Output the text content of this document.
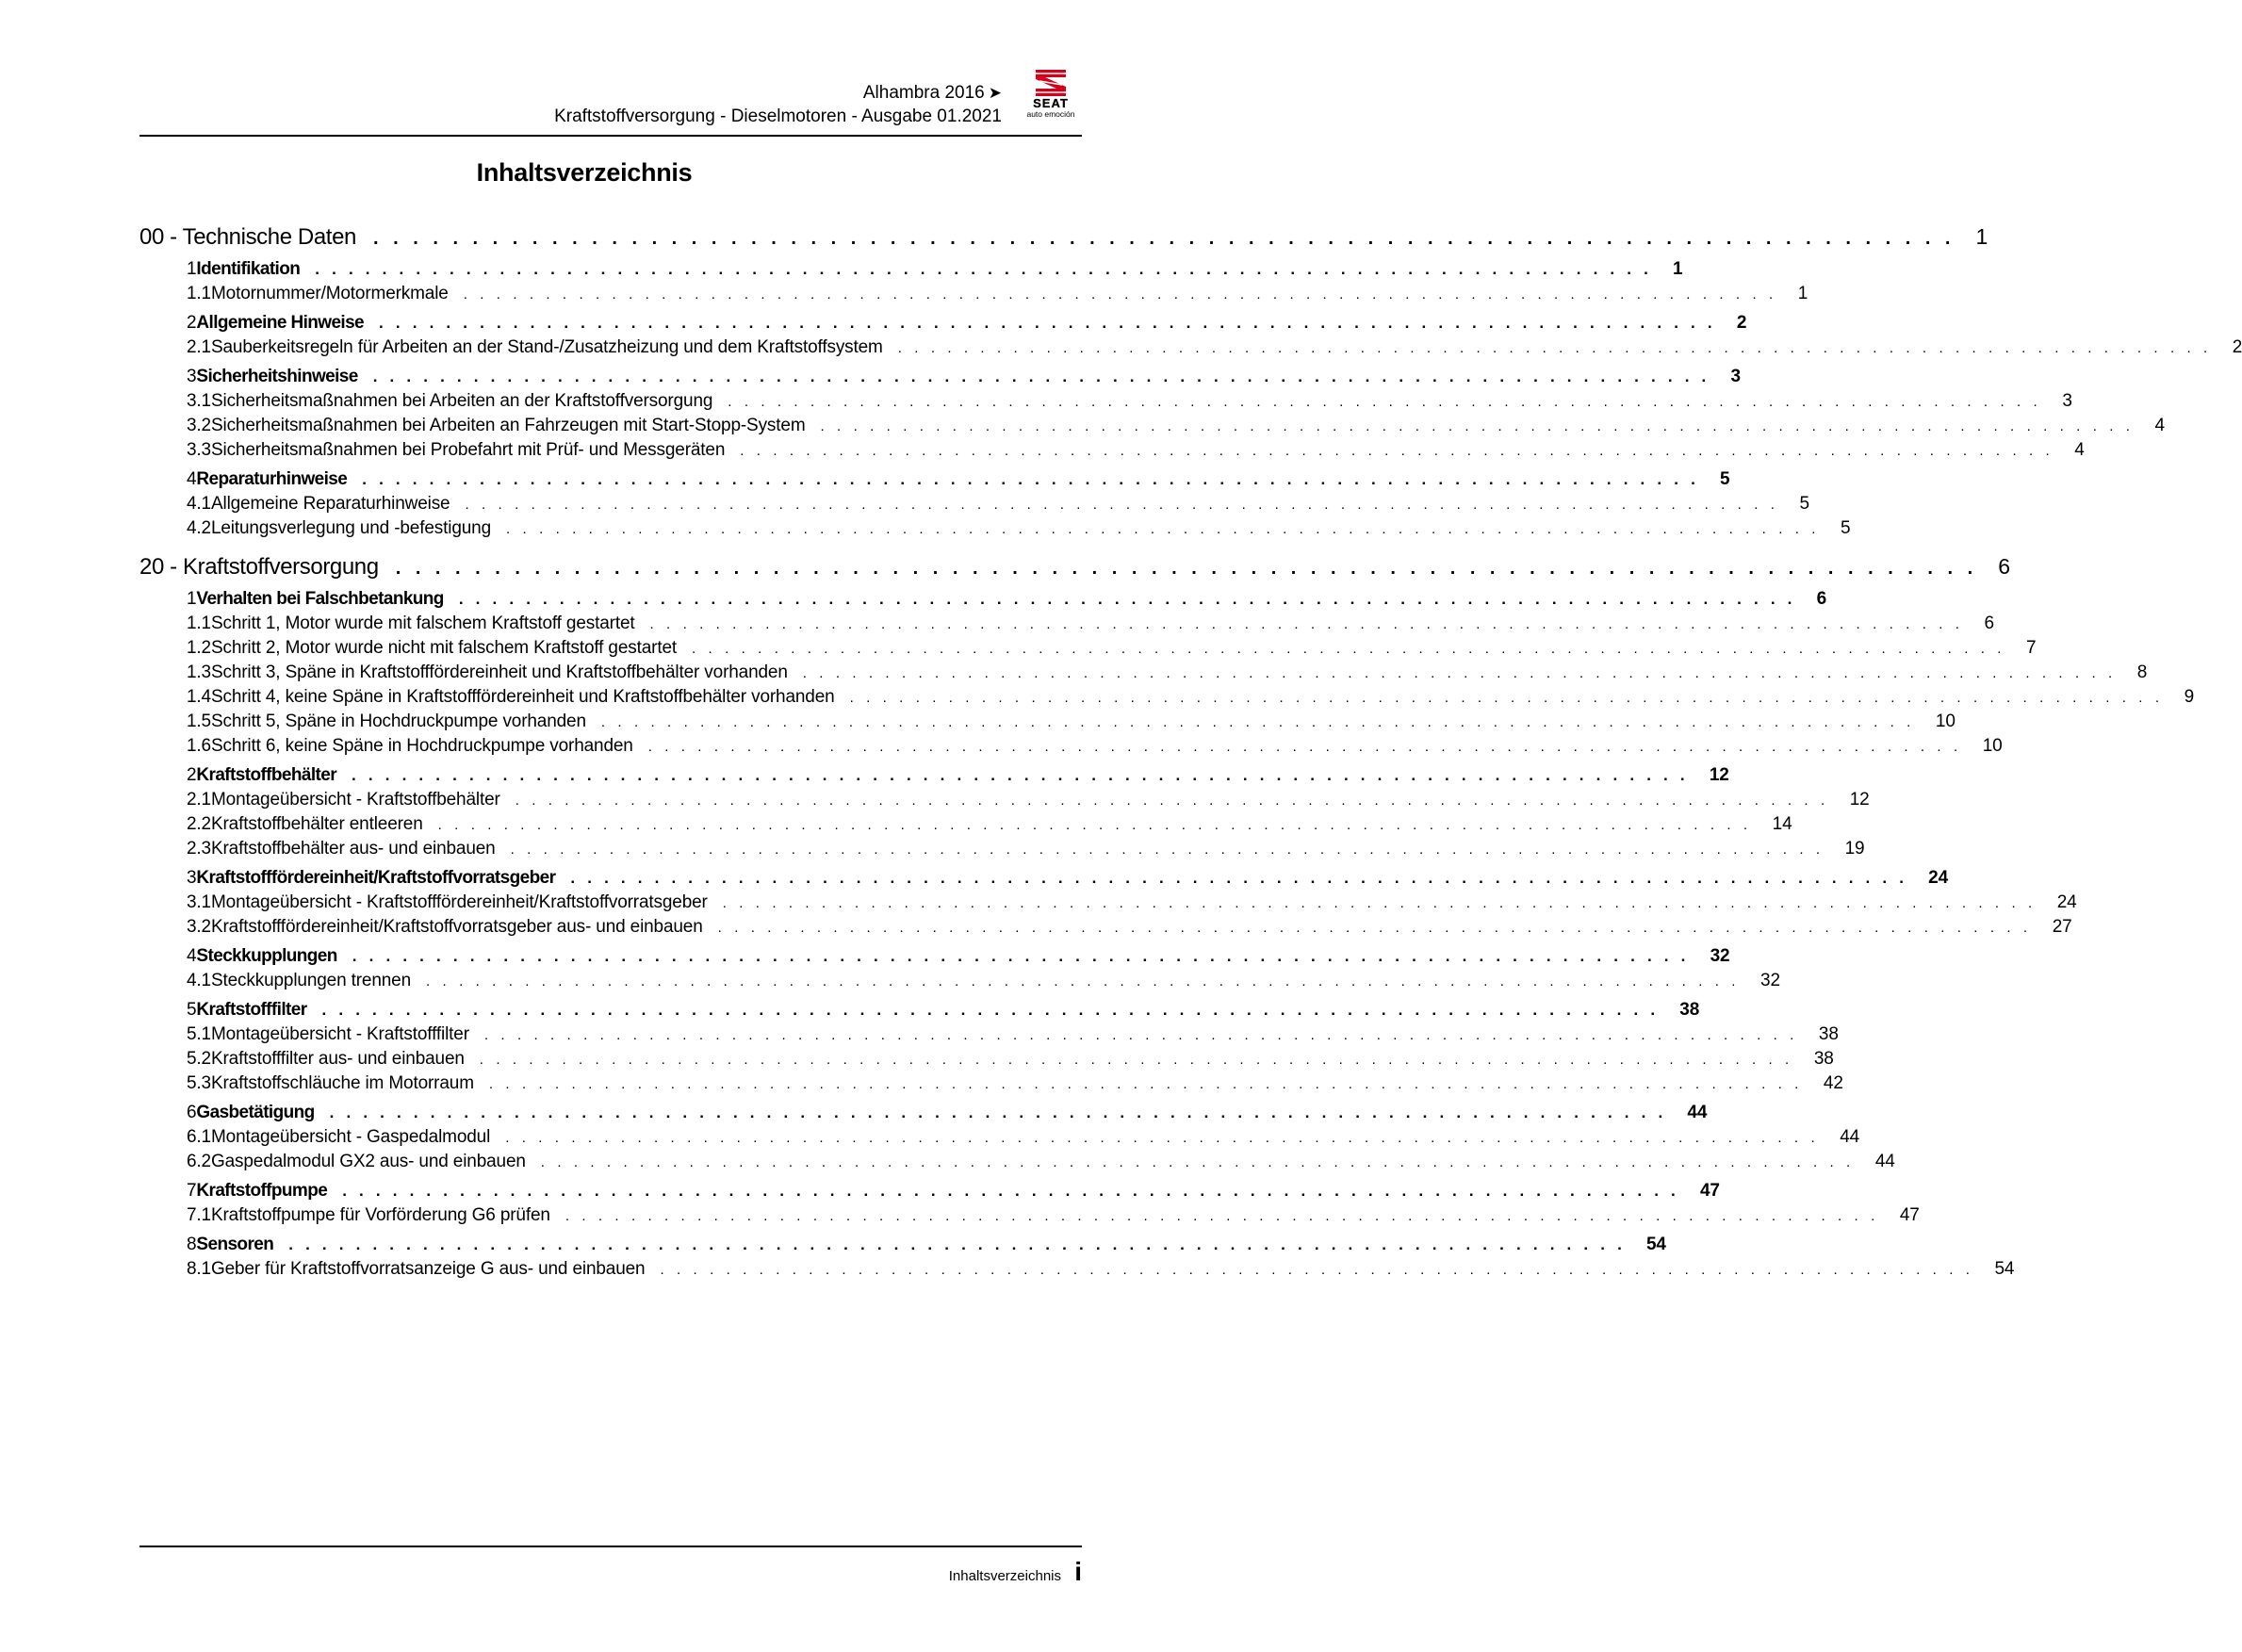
Alhambra 2016 ➤
Kraftstoffversorgung - Dieselmotoren - Ausgabe 01.2021
SEAT
auto emoción
Inhaltsverzeichnis
00 - Technische Daten . . . . . . . . . . . . . . . . . . . . . . . . . . . . . . . . . . . . . . . . . . . . . . . . . . . . . . . . . . . . . . . . . . . . . . . . . . . . . . . . 1
1 Identifikation . . . . . . . . . . . . . . . . . . . . . . . . . . . . . . . . . . . . . . . . . . . . . . . . . . . . . . . . . . . . . . . . . . . . . . . . . . . . . . . . 1
1.1 Motornummer/Motormerkmale . . . . . . . . . . . . . . . . . . . . . . . . . . . . . . . . . . . . . . . . . . . . . . . . . . . . . . . . . . . . . . . . . . . . . . . . . . . . . . . . 1
2 Allgemeine Hinweise . . . . . . . . . . . . . . . . . . . . . . . . . . . . . . . . . . . . . . . . . . . . . . . . . . . . . . . . . . . . . . . . . . . . . . . . . . . . . . . . 2
2.1 Sauberkeitsregeln für Arbeiten an der Stand-/Zusatzheizung und dem Kraftstoffsystem . . . . . . . . . . . . . . . . . . . . . . . . . . . . . . . . . . . . . . . . . . . . . . . . . . . . . . . . . . . . . . . . . . . . . . . . . . . . . . . . 2
3 Sicherheitshinweise . . . . . . . . . . . . . . . . . . . . . . . . . . . . . . . . . . . . . . . . . . . . . . . . . . . . . . . . . . . . . . . . . . . . . . . . . . . . . . . . 3
3.1 Sicherheitsmaßnahmen bei Arbeiten an der Kraftstoffversorgung . . . . . . . . . . . . . . . . . . . . . . . . . . . . . . . . . . . . . . . . . . . . . . . . . . . . . . . . . . . . . . . . . . . . . . . . . . . . . . . . 3
3.2 Sicherheitsmaßnahmen bei Arbeiten an Fahrzeugen mit Start-Stopp-System . . . . . . . . . . . . . . . . . . . . . . . . . . . . . . . . . . . . . . . . . . . . . . . . . . . . . . . . . . . . . . . . . . . . . . . . . . . . . . . . 4
3.3 Sicherheitsmaßnahmen bei Probefahrt mit Prüf- und Messgeräten . . . . . . . . . . . . . . . . . . . . . . . . . . . . . . . . . . . . . . . . . . . . . . . . . . . . . . . . . . . . . . . . . . . . . . . . . . . . . . . . 4
4 Reparaturhinweise . . . . . . . . . . . . . . . . . . . . . . . . . . . . . . . . . . . . . . . . . . . . . . . . . . . . . . . . . . . . . . . . . . . . . . . . . . . . . . . . 5
4.1 Allgemeine Reparaturhinweise . . . . . . . . . . . . . . . . . . . . . . . . . . . . . . . . . . . . . . . . . . . . . . . . . . . . . . . . . . . . . . . . . . . . . . . . . . . . . . . . 5
4.2 Leitungsverlegung und -befestigung . . . . . . . . . . . . . . . . . . . . . . . . . . . . . . . . . . . . . . . . . . . . . . . . . . . . . . . . . . . . . . . . . . . . . . . . . . . . . . . . 5
20 - Kraftstoffversorgung . . . . . . . . . . . . . . . . . . . . . . . . . . . . . . . . . . . . . . . . . . . . . . . . . . . . . . . . . . . . . . . . . . . . . . . . . . . . . . . . 6
1 Verhalten bei Falschbetankung . . . . . . . . . . . . . . . . . . . . . . . . . . . . . . . . . . . . . . . . . . . . . . . . . . . . . . . . . . . . . . . . . . . . . . . . . . . . . . . . 6
1.1 Schritt 1, Motor wurde mit falschem Kraftstoff gestartet . . . . . . . . . . . . . . . . . . . . . . . . . . . . . . . . . . . . . . . . . . . . . . . . . . . . . . . . . . . . . . . . . . . . . . . . . . . . . . . . 6
1.2 Schritt 2, Motor wurde nicht mit falschem Kraftstoff gestartet . . . . . . . . . . . . . . . . . . . . . . . . . . . . . . . . . . . . . . . . . . . . . . . . . . . . . . . . . . . . . . . . . . . . . . . . . . . . . . . . 7
1.3 Schritt 3, Späne in Kraftstofffördereinheit und Kraftstoffbehälter vorhanden . . . . . . . . . . . . . . . . . . . . . . . . . . . . . . . . . . . . . . . . . . . . . . . . . . . . . . . . . . . . . . . . . . . . . . . . . . . . . . . . 8
1.4 Schritt 4, keine Späne in Kraftstofffördereinheit und Kraftstoffbehälter vorhanden . . . . . . . . . . . . . . . . . . . . . . . . . . . . . . . . . . . . . . . . . . . . . . . . . . . . . . . . . . . . . . . . . . . . . . . . . . . . . . . . 9
1.5 Schritt 5, Späne in Hochdruckpumpe vorhanden . . . . . . . . . . . . . . . . . . . . . . . . . . . . . . . . . . . . . . . . . . . . . . . . . . . . . . . . . . . . . . . . . . . . . . . . . . . . . . . . 10
1.6 Schritt 6, keine Späne in Hochdruckpumpe vorhanden . . . . . . . . . . . . . . . . . . . . . . . . . . . . . . . . . . . . . . . . . . . . . . . . . . . . . . . . . . . . . . . . . . . . . . . . . . . . . . . . 10
2 Kraftstoffbehälter . . . . . . . . . . . . . . . . . . . . . . . . . . . . . . . . . . . . . . . . . . . . . . . . . . . . . . . . . . . . . . . . . . . . . . . . . . . . . . . . 12
2.1 Montageübersicht - Kraftstoffbehälter . . . . . . . . . . . . . . . . . . . . . . . . . . . . . . . . . . . . . . . . . . . . . . . . . . . . . . . . . . . . . . . . . . . . . . . . . . . . . . . . 12
2.2 Kraftstoffbehälter entleeren . . . . . . . . . . . . . . . . . . . . . . . . . . . . . . . . . . . . . . . . . . . . . . . . . . . . . . . . . . . . . . . . . . . . . . . . . . . . . . . . 14
2.3 Kraftstoffbehälter aus- und einbauen . . . . . . . . . . . . . . . . . . . . . . . . . . . . . . . . . . . . . . . . . . . . . . . . . . . . . . . . . . . . . . . . . . . . . . . . . . . . . . . . 19
3 Kraftstofffördereinheit/Kraftstoffvorratsgeber . . . . . . . . . . . . . . . . . . . . . . . . . . . . . . . . . . . . . . . . . . . . . . . . . . . . . . . . . . . . . . . . . . . . . . . . . . . . . . . . 24
3.1 Montageübersicht - Kraftstofffördereinheit/Kraftstoffvorratsgeber . . . . . . . . . . . . . . . . . . . . . . . . . . . . . . . . . . . . . . . . . . . . . . . . . . . . . . . . . . . . . . . . . . . . . . . . . . . . . . . . 24
3.2 Kraftstofffördereinheit/Kraftstoffvorratsgeber aus- und einbauen . . . . . . . . . . . . . . . . . . . . . . . . . . . . . . . . . . . . . . . . . . . . . . . . . . . . . . . . . . . . . . . . . . . . . . . . . . . . . . . . 27
4 Steckkupplungen . . . . . . . . . . . . . . . . . . . . . . . . . . . . . . . . . . . . . . . . . . . . . . . . . . . . . . . . . . . . . . . . . . . . . . . . . . . . . . . . 32
4.1 Steckkupplungen trennen . . . . . . . . . . . . . . . . . . . . . . . . . . . . . . . . . . . . . . . . . . . . . . . . . . . . . . . . . . . . . . . . . . . . . . . . . . . . . . . . 32
5 Kraftstofffilter . . . . . . . . . . . . . . . . . . . . . . . . . . . . . . . . . . . . . . . . . . . . . . . . . . . . . . . . . . . . . . . . . . . . . . . . . . . . . . . . 38
5.1 Montageübersicht - Kraftstofffilter . . . . . . . . . . . . . . . . . . . . . . . . . . . . . . . . . . . . . . . . . . . . . . . . . . . . . . . . . . . . . . . . . . . . . . . . . . . . . . . . 38
5.2 Kraftstofffilter aus- und einbauen . . . . . . . . . . . . . . . . . . . . . . . . . . . . . . . . . . . . . . . . . . . . . . . . . . . . . . . . . . . . . . . . . . . . . . . . . . . . . . . . 38
5.3 Kraftstoffschläuche im Motorraum . . . . . . . . . . . . . . . . . . . . . . . . . . . . . . . . . . . . . . . . . . . . . . . . . . . . . . . . . . . . . . . . . . . . . . . . . . . . . . . . 42
6 Gasbetätigung . . . . . . . . . . . . . . . . . . . . . . . . . . . . . . . . . . . . . . . . . . . . . . . . . . . . . . . . . . . . . . . . . . . . . . . . . . . . . . . . 44
6.1 Montageübersicht - Gaspedalmodul . . . . . . . . . . . . . . . . . . . . . . . . . . . . . . . . . . . . . . . . . . . . . . . . . . . . . . . . . . . . . . . . . . . . . . . . . . . . . . . . 44
6.2 Gaspedalmodul GX2 aus- und einbauen . . . . . . . . . . . . . . . . . . . . . . . . . . . . . . . . . . . . . . . . . . . . . . . . . . . . . . . . . . . . . . . . . . . . . . . . . . . . . . . . 44
7 Kraftstoffpumpe . . . . . . . . . . . . . . . . . . . . . . . . . . . . . . . . . . . . . . . . . . . . . . . . . . . . . . . . . . . . . . . . . . . . . . . . . . . . . . . . 47
7.1 Kraftstoffpumpe für Vorförderung G6 prüfen . . . . . . . . . . . . . . . . . . . . . . . . . . . . . . . . . . . . . . . . . . . . . . . . . . . . . . . . . . . . . . . . . . . . . . . . . . . . . . . . 47
8 Sensoren . . . . . . . . . . . . . . . . . . . . . . . . . . . . . . . . . . . . . . . . . . . . . . . . . . . . . . . . . . . . . . . . . . . . . . . . . . . . . . . . 54
8.1 Geber für Kraftstoffvorratsanzeige G aus- und einbauen . . . . . . . . . . . . . . . . . . . . . . . . . . . . . . . . . . . . . . . . . . . . . . . . . . . . . . . . . . . . . . . . . . . . . . . . . . . . . . . . 54
Inhaltsverzeichnis i
